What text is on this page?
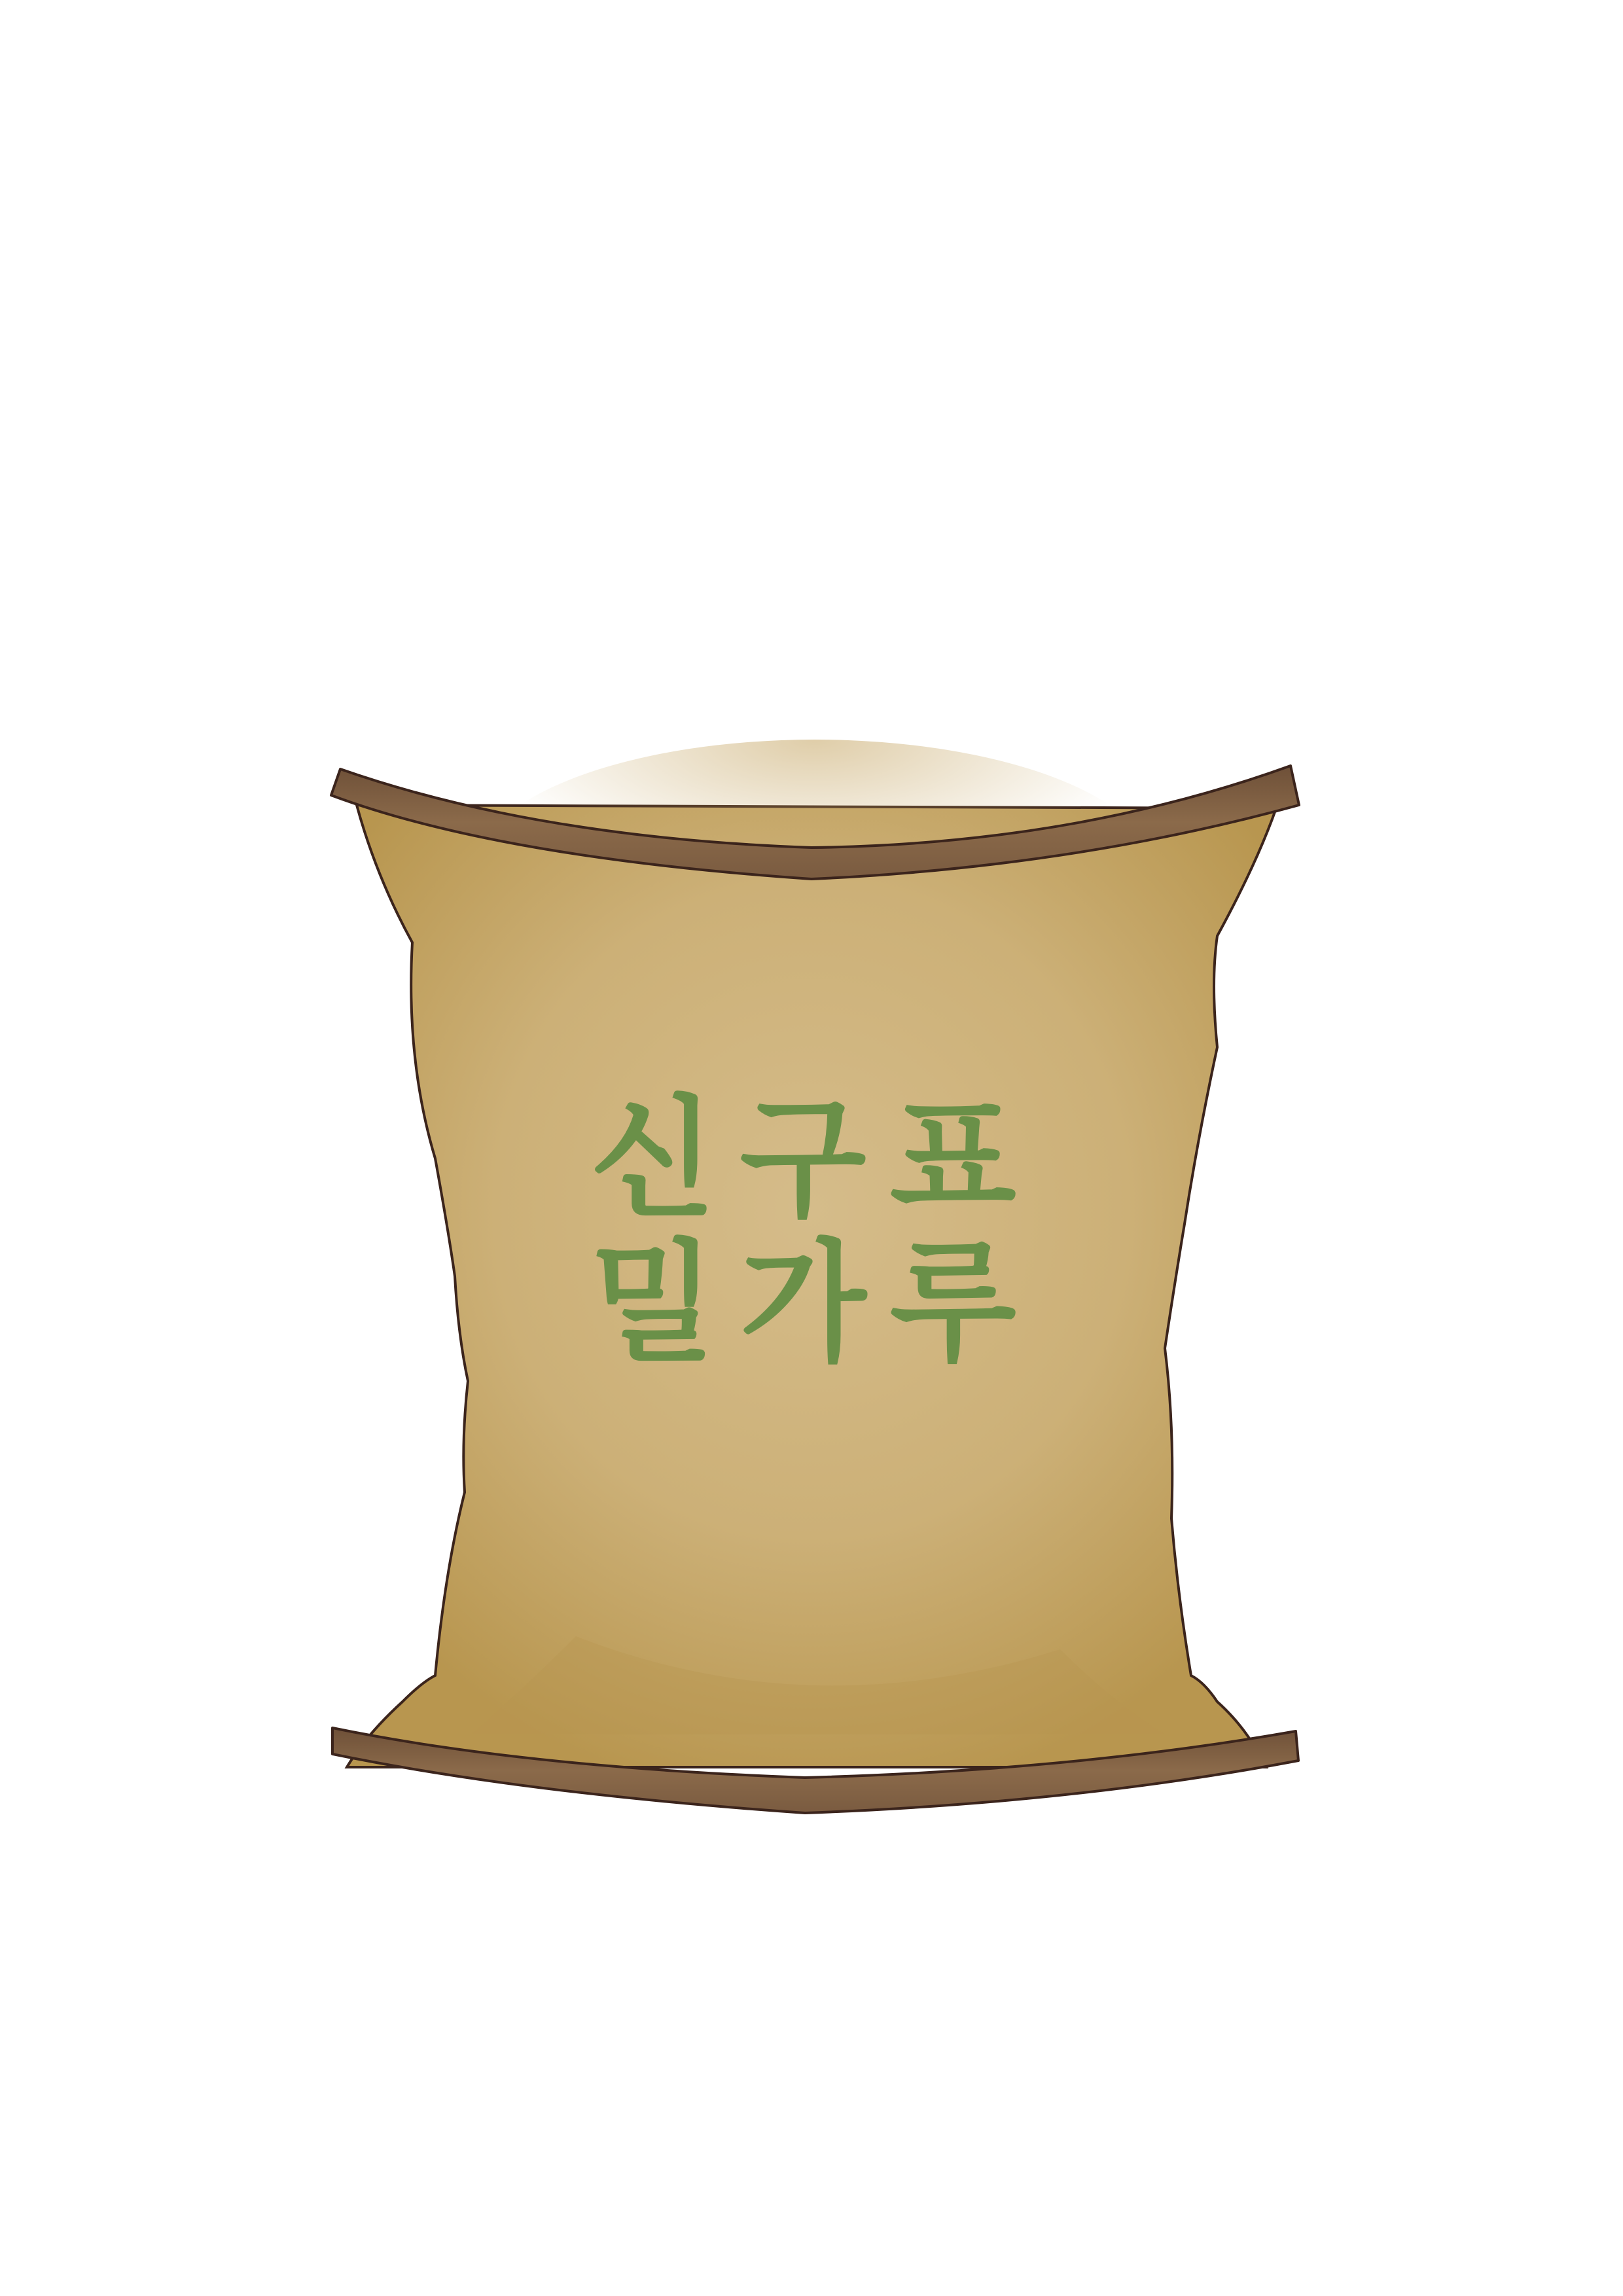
신구표
밀가루
